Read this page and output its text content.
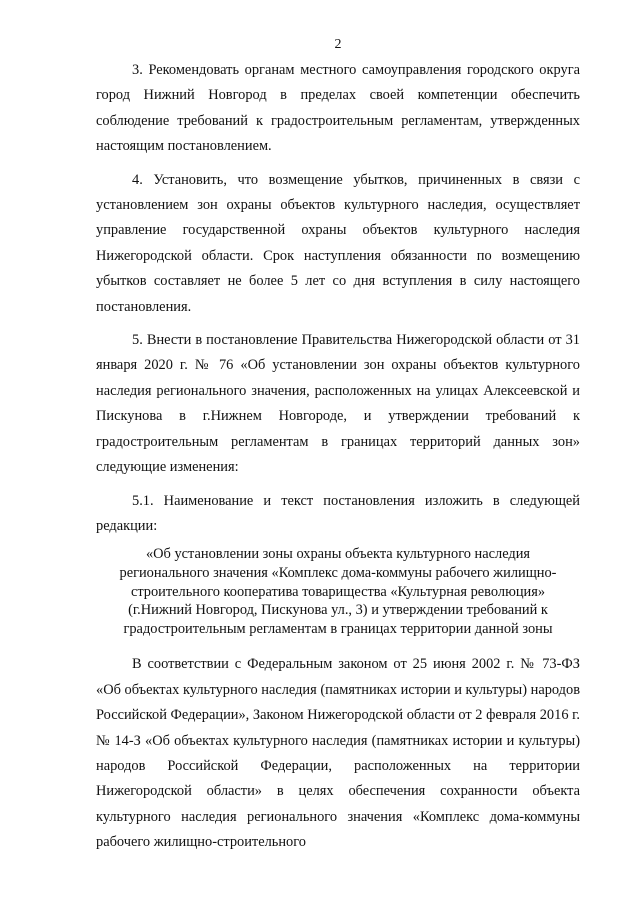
2

3. Рекомендовать органам местного самоуправления городского округа город Нижний Новгород в пределах своей компетенции обеспечить соблюдение требований к градостроительным регламентам, утвержденных настоящим постановлением.

4. Установить, что возмещение убытков, причиненных в связи с установлением зон охраны объектов культурного наследия, осуществляет управление государственной охраны объектов культурного наследия Нижегородской области. Срок наступления обязанности по возмещению убытков составляет не более 5 лет со дня вступления в силу настоящего постановления.

5. Внести в постановление Правительства Нижегородской области от 31 января 2020 г. № 76 «Об установлении зон охраны объектов культурного наследия регионального значения, расположенных на улицах Алексеевской и Пискунова в г.Нижнем Новгороде, и утверждении требований к градостроительным регламентам в границах территорий данных зон» следующие изменения:

5.1. Наименование и текст постановления изложить в следующей редакции:

«Об установлении зоны охраны объекта культурного наследия регионального значения «Комплекс дома-коммуны рабочего жилищно-строительного кооператива товарищества «Культурная революция» (г.Нижний Новгород, Пискунова ул., 3) и утверждении требований к градостроительным регламентам в границах территории данной зоны

В соответствии с Федеральным законом от 25 июня 2002 г. № 73-ФЗ «Об объектах культурного наследия (памятниках истории и культуры) народов Российской Федерации», Законом Нижегородской области от 2 февраля 2016 г. № 14-З «Об объектах культурного наследия (памятниках истории и культуры) народов Российской Федерации, расположенных на территории Нижегородской области» в целях обеспечения сохранности объекта культурного наследия регионального значения «Комплекс дома-коммуны рабочего жилищно-строительного
